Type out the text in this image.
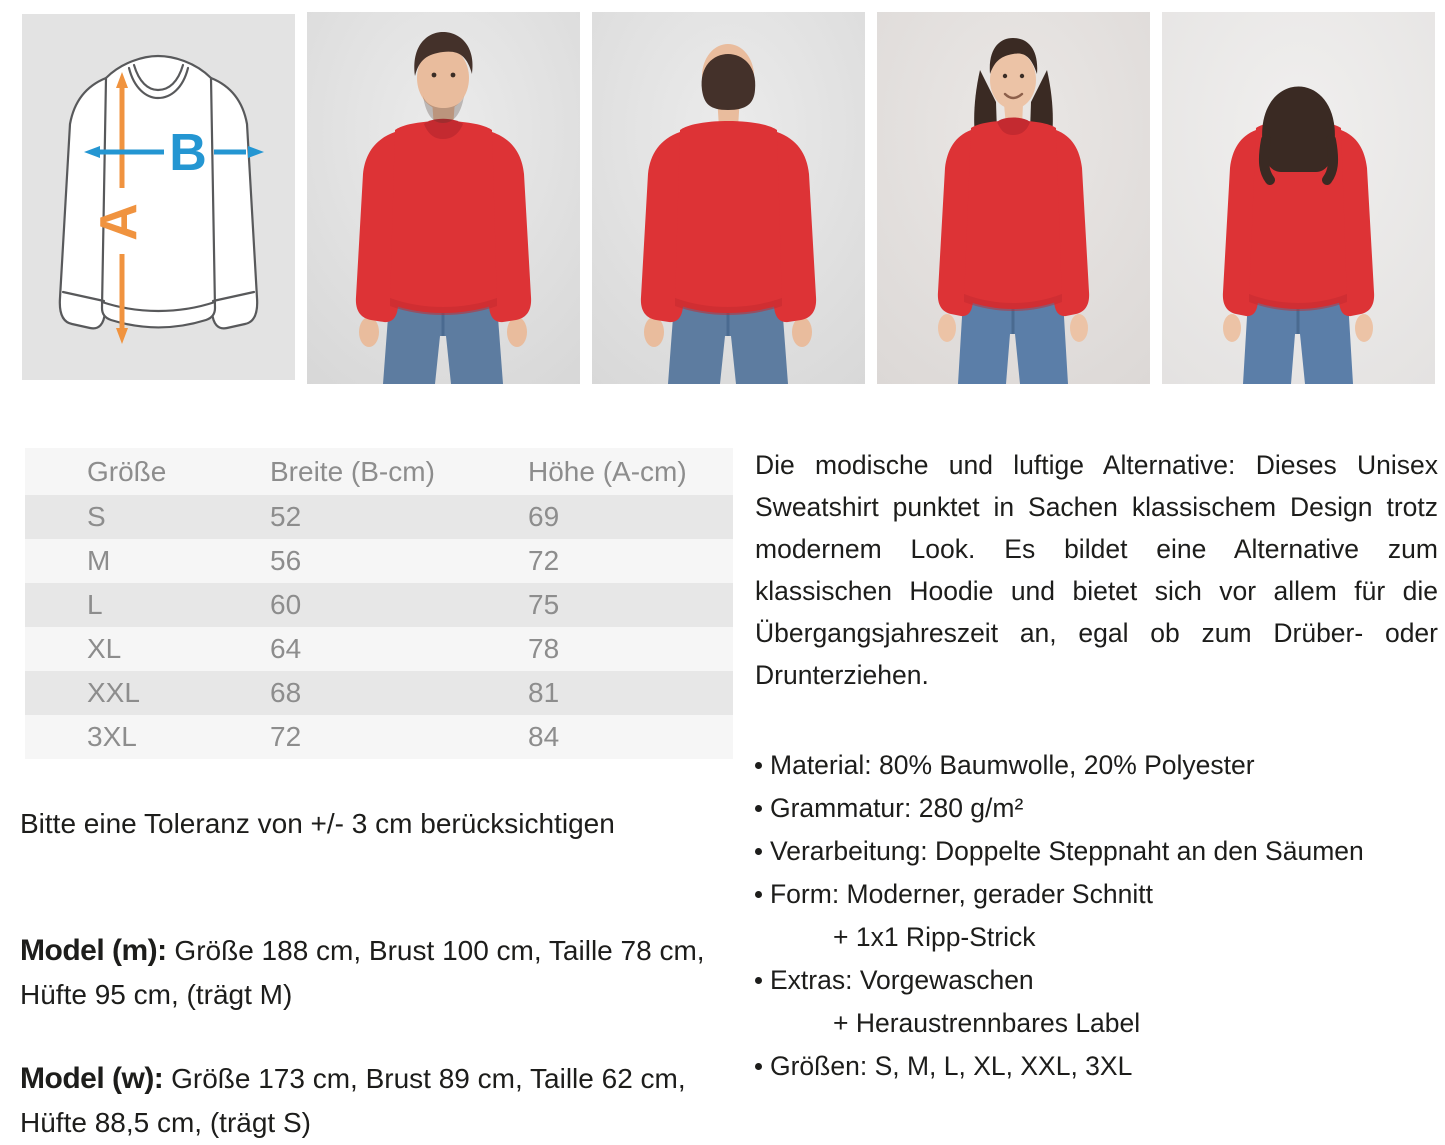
A
B
Größe	Breite (B-cm)	Höhe (A-cm)
S	52	69
M	56	72
L	60	75
XL	64	78
XXL	68	81
3XL	72	84
Bitte eine Toleranz von +/- 3 cm berücksichtigen

Model (m): Größe 188 cm, Brust 100 cm, Taille 78 cm, Hüfte 95 cm, (trägt M)

Model (w): Größe 173 cm, Brust 89 cm, Taille 62 cm, Hüfte 88,5 cm, (trägt S)

Die modische und luftige Alternative: Dieses Unisex Sweatshirt punktet in Sachen klassischem Design trotz modernem Look. Es bildet eine Alternative zum klassischen Hoodie und bietet sich vor allem für die Übergangsjahreszeit an, egal ob zum Drüber- oder Drunterziehen.
Material: 80% Baumwolle, 20% Polyester
Grammatur: 280 g/m²
Verarbeitung: Doppelte Steppnaht an den Säumen
Form: Moderner, gerader Schnitt
+ 1x1 Ripp-Strick
Extras: Vorgewaschen
+ Heraustrennbares Label
Größen: S, M, L, XL, XXL, 3XL
